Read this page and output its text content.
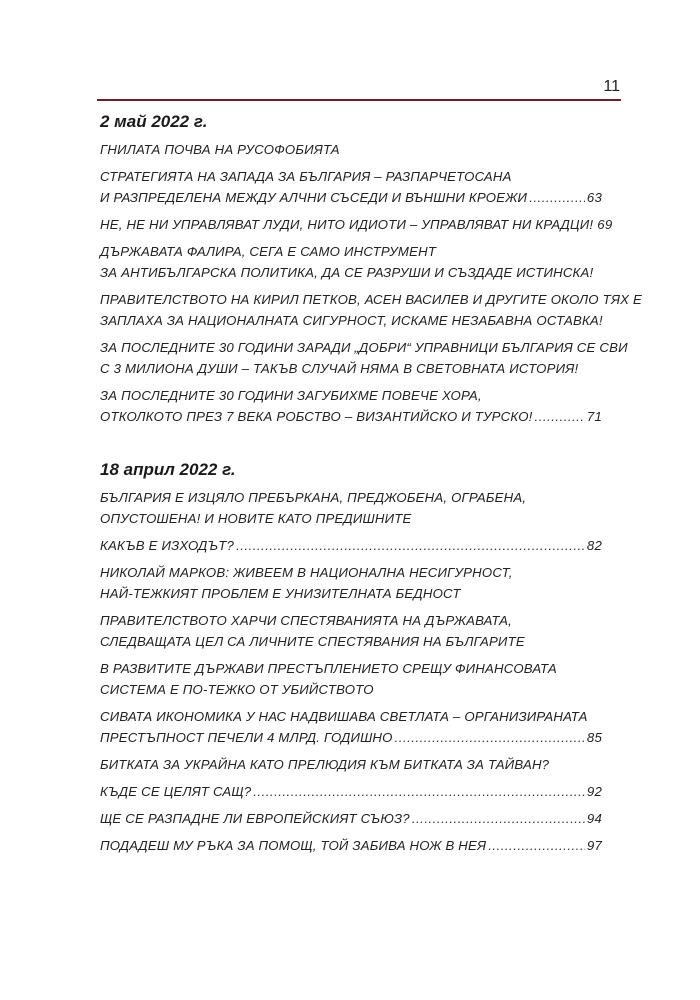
11
2 май 2022 г.
ГНИЛАТА ПОЧВА НА РУСОФОБИЯТА
СТРАТЕГИЯТА НА ЗАПАДА ЗА БЪЛГАРИЯ – РАЗПАРЧЕТОСАНА
И РАЗПРЕДЕЛЕНА МЕЖДУ АЛЧНИ СЪСЕДИ И ВЪНШНИ КРОЕЖИ .....	63
НЕ, НЕ НИ УПРАВЛЯВАТ ЛУДИ, НИТО ИДИОТИ – УПРАВЛЯВАТ НИ КРАДЦИ! 69
ДЪРЖАВАТА ФАЛИРА, СЕГА Е САМО ИНСТРУМЕНТ
ЗА АНТИБЪЛГАРСКА ПОЛИТИКА, ДА СЕ РАЗРУШИ И СЪЗДАДЕ ИСТИНСКА!
ПРАВИТЕЛСТВОТО НА КИРИЛ ПЕТКОВ, АСЕН ВАСИЛЕВ И ДРУГИТЕ ОКОЛО ТЯХ Е
ЗАПЛАХА ЗА НАЦИОНАЛНАТА СИГУРНОСТ, ИСКАМЕ НЕЗАБАВНА ОСТАВКА!
ЗА ПОСЛЕДНИТЕ 30 ГОДИНИ ЗАРАДИ „ДОБРИ“ УПРАВНИЦИ БЪЛГАРИЯ СЕ СВИ
С 3 МИЛИОНА ДУШИ – ТАКЪВ СЛУЧАЙ НЯМА В СВЕТОВНАТА ИСТОРИЯ!
ЗА ПОСЛЕДНИТЕ 30 ГОДИНИ ЗАГУБИХМЕ ПОВЕЧЕ ХОРА,
ОТКОЛКОТО ПРЕЗ 7 ВЕКА РОБСТВО – ВИЗАНТИЙСКО И ТУРСКО! .....	71
18 април 2022 г.
БЪЛГАРИЯ Е ИЗЦЯЛО ПРЕБЪРКАНА, ПРЕДЖОБЕНА, ОГРАБЕНА,
ОПУСТОШЕНА! И НОВИТЕ КАТО ПРЕДИШНИТЕ
КАКЪВ Е ИЗХОДЪТ? .....	82
НИКОЛАЙ МАРКОВ: ЖИВЕЕМ В НАЦИОНАЛНА НЕСИГУРНОСТ,
НАЙ-ТЕЖКИЯТ ПРОБЛЕМ Е УНИЗИТЕЛНАТА БЕДНОСТ
ПРАВИТЕЛСТВОТО ХАРЧИ СПЕСТЯВАНИЯТА НА ДЪРЖАВАТА,
СЛЕДВАЩАТА ЦЕЛ СА ЛИЧНИТЕ СПЕСТЯВАНИЯ НА БЪЛГАРИТЕ
В РАЗВИТИТЕ ДЪРЖАВИ ПРЕСТЪПЛЕНИЕТО СРЕЩУ ФИНАНСОВАТА
СИСТЕМА Е ПО-ТЕЖКО ОТ УБИЙСТВОТО
СИВАТА ИКОНОМИКА У НАС НАДВИШАВА СВЕТЛАТА – ОРГАНИЗИРАНАТА
ПРЕСТЪПНОСТ ПЕЧЕЛИ 4 МЛРД. ГОДИШНО .....	85
БИТКАТА ЗА УКРАЙНА КАТО ПРЕЛЮДИЯ КЪМ БИТКАТА ЗА ТАЙВАН?
КЪДЕ СЕ ЦЕЛЯТ САЩ? .....	92
ЩЕ СЕ РАЗПАДНЕ ЛИ ЕВРОПЕЙСКИЯТ СЪЮЗ? .....	94
ПОДАДЕШ МУ РЪКА ЗА ПОМОЩ, ТОЙ ЗАБИВА НОЖ В НЕЯ .....	97
